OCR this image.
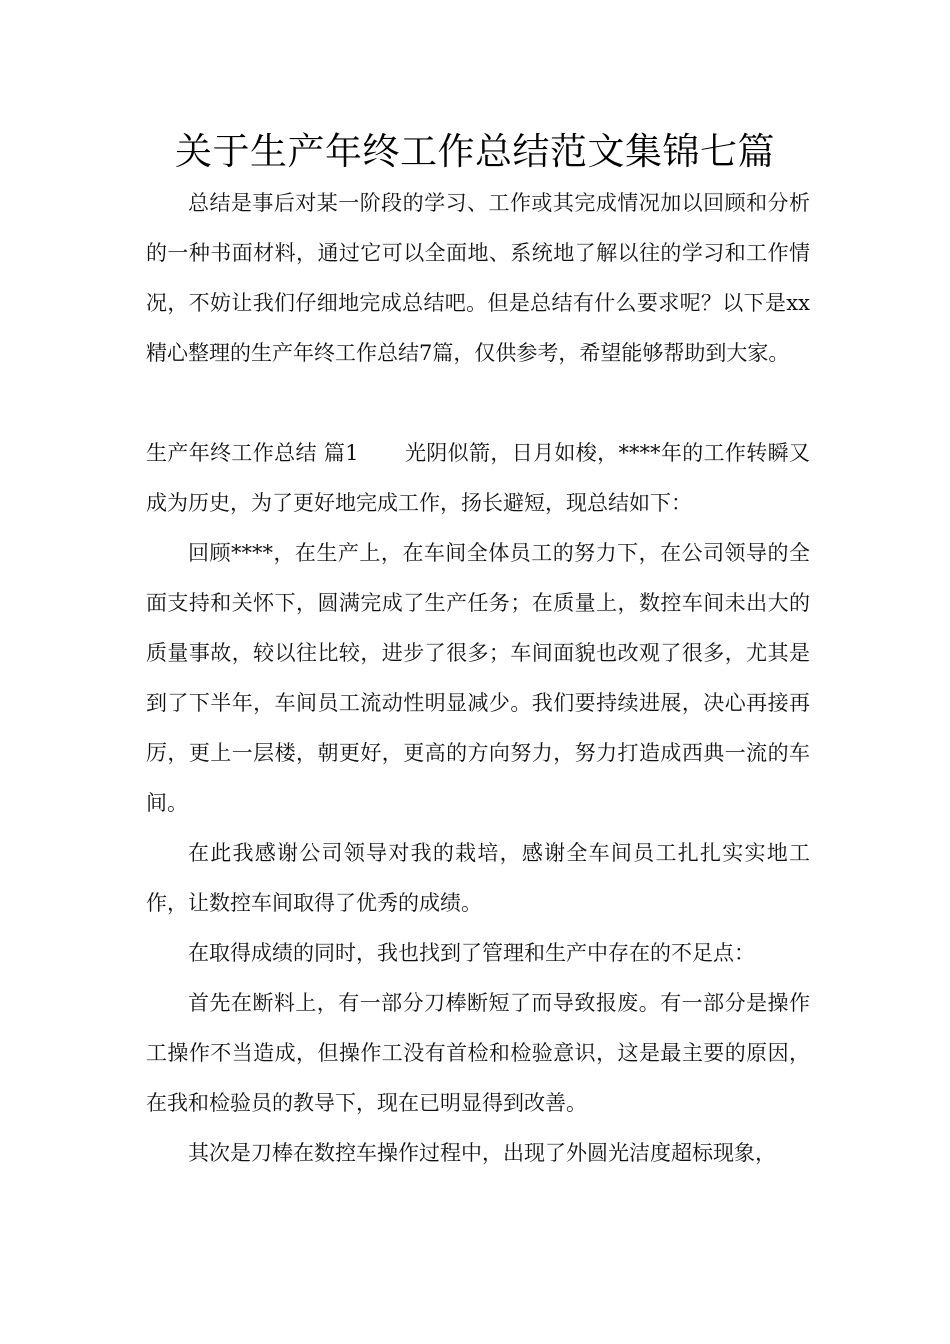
关于生产年终工作总结范文集锦七篇

总结是事后对某一阶段的学习、工作或其完成情况加以回顾和分析的一种书面材料，通过它可以全面地、系统地了解以往的学习和工作情况，不妨让我们仔细地完成总结吧。但是总结有什么要求呢？以下是xx精心整理的生产年终工作总结7篇，仅供参考，希望能够帮助到大家。

生产年终工作总结 篇1 光阴似箭，日月如梭，****年的工作转瞬又成为历史，为了更好地完成工作，扬长避短，现总结如下：

回顾****，在生产上，在车间全体员工的努力下，在公司领导的全面支持和关怀下，圆满完成了生产任务；在质量上，数控车间未出大的质量事故，较以往比较，进步了很多；车间面貌也改观了很多，尤其是到了下半年，车间员工流动性明显减少。我们要持续进展，决心再接再厉，更上一层楼，朝更好，更高的方向努力，努力打造成西典一流的车间。

在此我感谢公司领导对我的栽培，感谢全车间员工扎扎实实地工作，让数控车间取得了优秀的成绩。

在取得成绩的同时，我也找到了管理和生产中存在的不足点：

首先在断料上，有一部分刀棒断短了而导致报废。有一部分是操作工操作不当造成，但操作工没有首检和检验意识，这是最主要的原因，在我和检验员的教导下，现在已明显得到改善。

其次是刀棒在数控车操作过程中，出现了外圆光洁度超标现象，
